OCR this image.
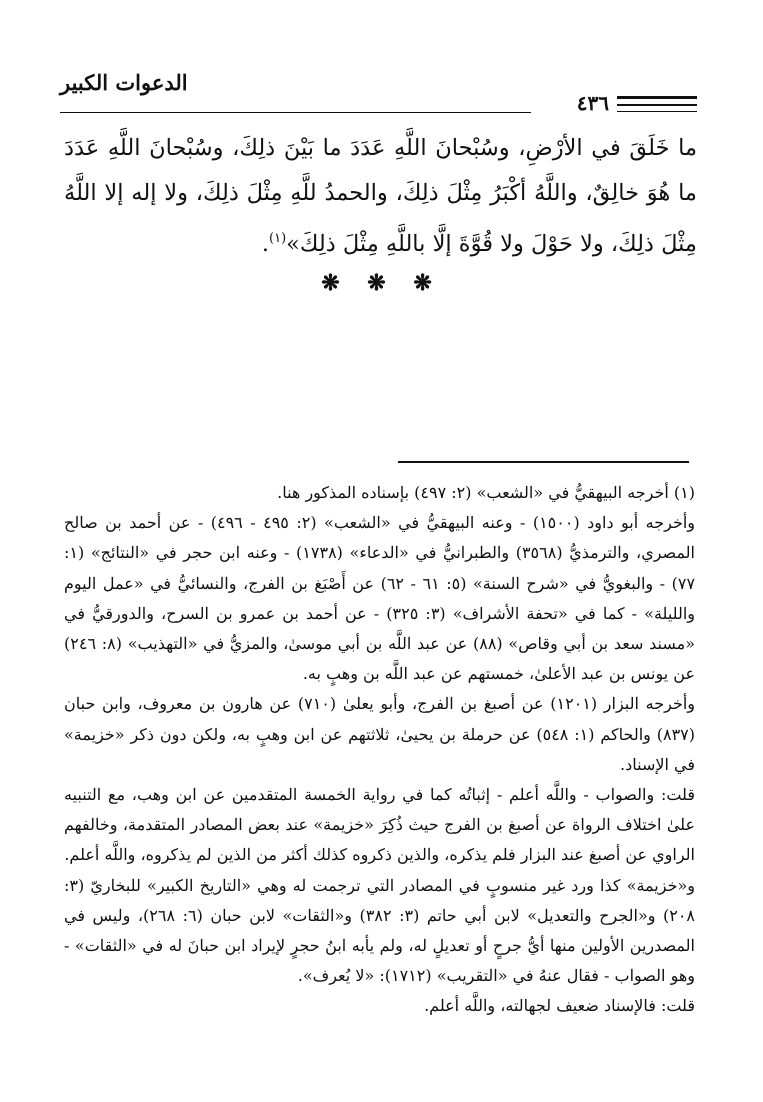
الدعوات الكبير
٤٣٦

ما خَلَقَ في الأرْضِ، وسُبْحانَ اللَّهِ عَدَدَ ما بَيْنَ ذلِكَ، وسُبْحانَ اللَّهِ عَدَدَ ما هُوَ خالِقٌ، واللَّهُ أكْبَرُ مِثْلَ ذلِكَ، والحمدُ للَّهِ مِثْلَ ذلِكَ، ولا إله إلا اللَّهُ مِثْلَ ذلِكَ، ولا حَوْلَ ولا قُوَّةَ إلَّا باللَّهِ مِثْلَ ذلِكَ»$^{(١)}$.

❋ ❋ ❋

(١) أخرجه البيهقيُّ في «الشعب» (٢: ٤٩٧) بإسناده المذكور هنا.

وأخرجه أبو داود (١٥٠٠) - وعنه البيهقيُّ في «الشعب» (٢: ٤٩٥ - ٤٩٦) - عن أحمد بن صالح المصري، والترمذيُّ (٣٥٦٨) والطبرانيُّ في «الدعاء» (١٧٣٨) - وعنه ابن حجر في «النتائج» (١: ٧٧) - والبغويُّ في «شرح السنة» (٥: ٦١ - ٦٢) عن أَصْبَغ بن الفرج، والنسائيُّ في «عمل اليوم والليلة» - كما في «تحفة الأشراف» (٣: ٣٢٥) - عن أحمد بن عمرو بن السرح، والدورقيُّ في «مسند سعد بن أبي وقاص» (٨٨) عن عبد اللَّه بن أبي موسىٰ، والمزيُّ في «التهذيب» (٨: ٢٤٦) عن يونس بن عبد الأعلىٰ، خمستهم عن عبد اللَّه بن وهبٍ به.

وأخرجه البزار (١٢٠١) عن أصبغ بن الفرج، وأبو يعلىٰ (٧١٠) عن هارون بن معروف، وابن حبان (٨٣٧) والحاكم (١: ٥٤٨) عن حرملة بن يحيىٰ، ثلاثتهم عن ابن وهبٍ به، ولكن دون ذكر «خزيمة» في الإسناد.

قلت: والصواب - واللَّه أعلم - إثباتُه كما في رواية الخمسة المتقدمين عن ابن وهب، مع التنبيه علىٰ اختلاف الرواة عن أصبغ بن الفرج حيث ذُكِرَ «خزيمة» عند بعض المصادر المتقدمة، وخالفهم الراوي عن أصبغ عند البزار فلم يذكره، والذين ذكروه كذلك أكثر من الذين لم يذكروه، واللَّه أعلم.

و«خزيمة» كذا ورد غير منسوبٍ في المصادر التي ترجمت له وهي «التاريخ الكبير» للبخاريّ (٣: ٢٠٨) و«الجرح والتعديل» لابن أبي حاتم (٣: ٣٨٢) و«الثقات» لابن حبان (٦: ٢٦٨)، وليس في المصدرين الأولين منها أيُّ جرحٍ أو تعديلٍ له، ولم يأبه ابنُ حجرٍ لإيراد ابن حبانَ له في «الثقات» - وهو الصواب - فقال عنهُ في «التقريب» (١٧١٢): «لا يُعرف».

قلت: فالإسناد ضعيف لجهالته، واللَّه أعلم.
